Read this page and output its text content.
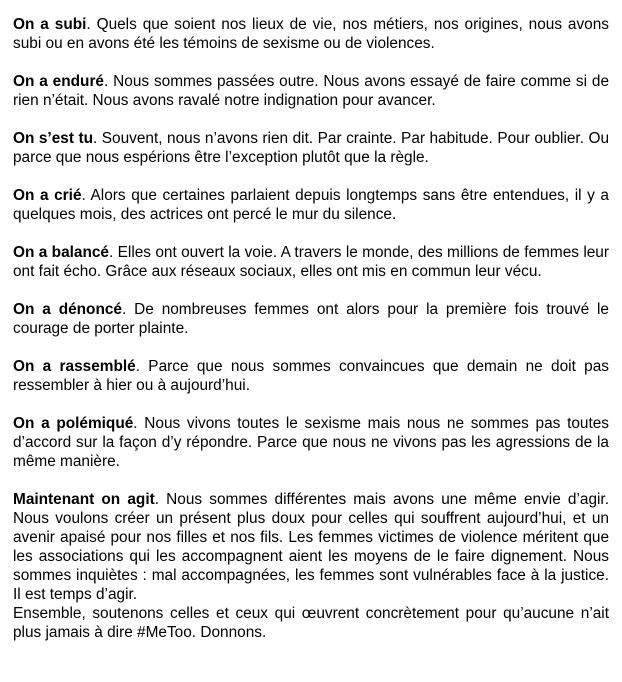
On a subi. Quels que soient nos lieux de vie, nos métiers, nos origines, nous avons subi ou en avons été les témoins de sexisme ou de violences.

On a enduré. Nous sommes passées outre. Nous avons essayé de faire comme si de rien n’était. Nous avons ravalé notre indignation pour avancer.

On s’est tu. Souvent, nous n’avons rien dit. Par crainte. Par habitude. Pour oublier. Ou parce que nous espérions être l’exception plutôt que la règle.

On a crié. Alors que certaines parlaient depuis longtemps sans être entendues, il y a quelques mois, des actrices ont percé le mur du silence.

On a balancé. Elles ont ouvert la voie. A travers le monde, des millions de femmes leur ont fait écho. Grâce aux réseaux sociaux, elles ont mis en commun leur vécu.

On a dénoncé. De nombreuses femmes ont alors pour la première fois trouvé le courage de porter plainte.

On a rassemblé. Parce que nous sommes convaincues que demain ne doit pas ressembler à hier ou à aujourd’hui.

On a polémiqué. Nous vivons toutes le sexisme mais nous ne sommes pas toutes d’accord sur la façon d’y répondre. Parce que nous ne vivons pas les agressions de la même manière.

Maintenant on agit. Nous sommes différentes mais avons une même envie d’agir. Nous voulons créer un présent plus doux pour celles qui souffrent aujourd’hui, et un avenir apaisé pour nos filles et nos fils. Les femmes victimes de violence méritent que les associations qui les accompagnent aient les moyens de le faire dignement. Nous sommes inquiètes : mal accompagnées, les femmes sont vulnérables face à la justice. Il est temps d’agir.
Ensemble, soutenons celles et ceux qui œuvrent concrètement pour qu’aucune n’ait plus jamais à dire #MeToo. Donnons.
